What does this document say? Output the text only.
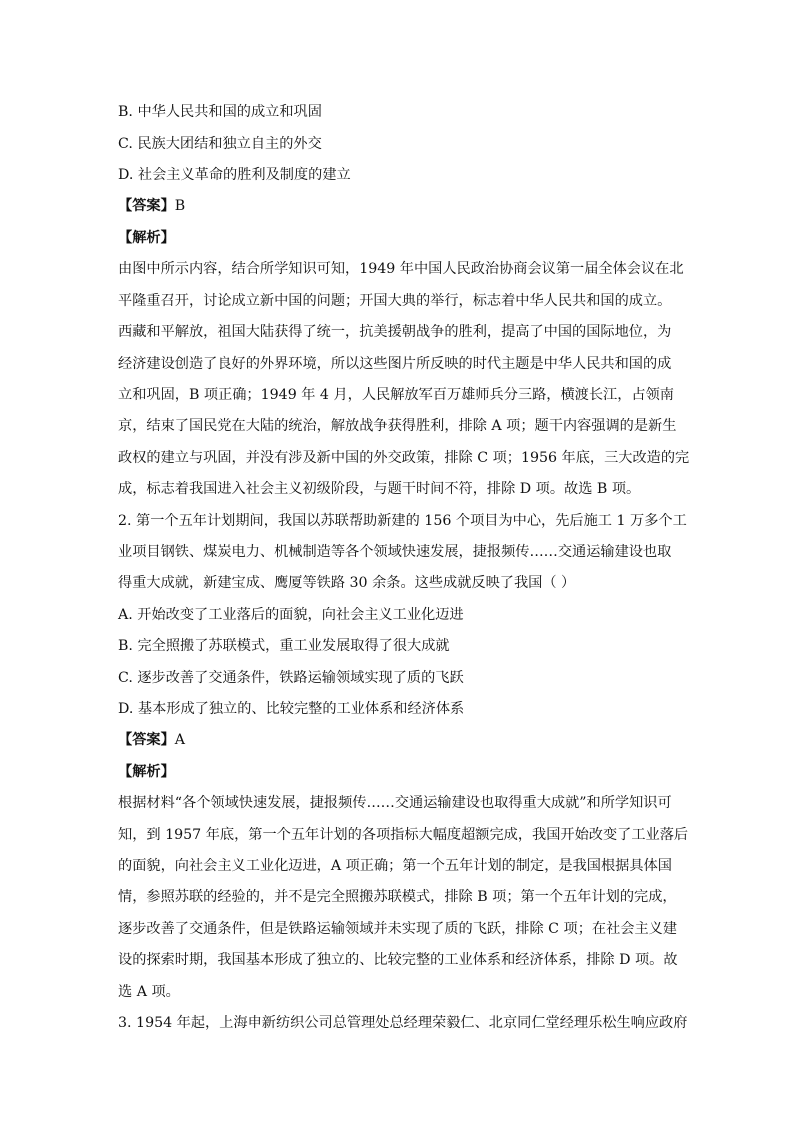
B. 中华人民共和国的成立和巩固
C. 民族大团结和独立自主的外交
D. 社会主义革命的胜利及制度的建立
【答案】B
【解析】
由图中所示内容，结合所学知识可知，1949 年中国人民政治协商会议第一届全体会议在北
平隆重召开，讨论成立新中国的问题；开国大典的举行，标志着中华人民共和国的成立。
西藏和平解放，祖国大陆获得了统一，抗美援朝战争的胜利，提高了中国的国际地位，为
经济建设创造了良好的外界环境，所以这些图片所反映的时代主题是中华人民共和国的成
立和巩固，B 项正确；1949 年 4 月，人民解放军百万雄师兵分三路，横渡长江，占领南
京，结束了国民党在大陆的统治，解放战争获得胜利，排除 A 项；题干内容强调的是新生
政权的建立与巩固，并没有涉及新中国的外交政策，排除 C 项；1956 年底，三大改造的完
成，标志着我国进入社会主义初级阶段，与题干时间不符，排除 D 项。故选 B 项。
2. 第一个五年计划期间，我国以苏联帮助新建的 156 个项目为中心，先后施工 1 万多个工
业项目钢铁、煤炭电力、机械制造等各个领域快速发展，捷报频传……交通运输建设也取
得重大成就，新建宝成、鹰厦等铁路 30 余条。这些成就反映了我国（ ）
A. 开始改变了工业落后的面貌，向社会主义工业化迈进
B. 完全照搬了苏联模式，重工业发展取得了很大成就
C. 逐步改善了交通条件，铁路运输领域实现了质的飞跃
D. 基本形成了独立的、比较完整的工业体系和经济体系
【答案】A
【解析】
根据材料“各个领域快速发展，捷报频传……交通运输建设也取得重大成就”和所学知识可
知，到 1957 年底，第一个五年计划的各项指标大幅度超额完成，我国开始改变了工业落后
的面貌，向社会主义工业化迈进，A 项正确；第一个五年计划的制定，是我国根据具体国
情，参照苏联的经验的，并不是完全照搬苏联模式，排除 B 项；第一个五年计划的完成，
逐步改善了交通条件，但是铁路运输领域并未实现了质的飞跃，排除 C 项；在社会主义建
设的探索时期，我国基本形成了独立的、比较完整的工业体系和经济体系，排除 D 项。故
选 A 项。
3. 1954 年起，上海申新纺织公司总管理处总经理荣毅仁、北京同仁堂经理乐松生响应政府
